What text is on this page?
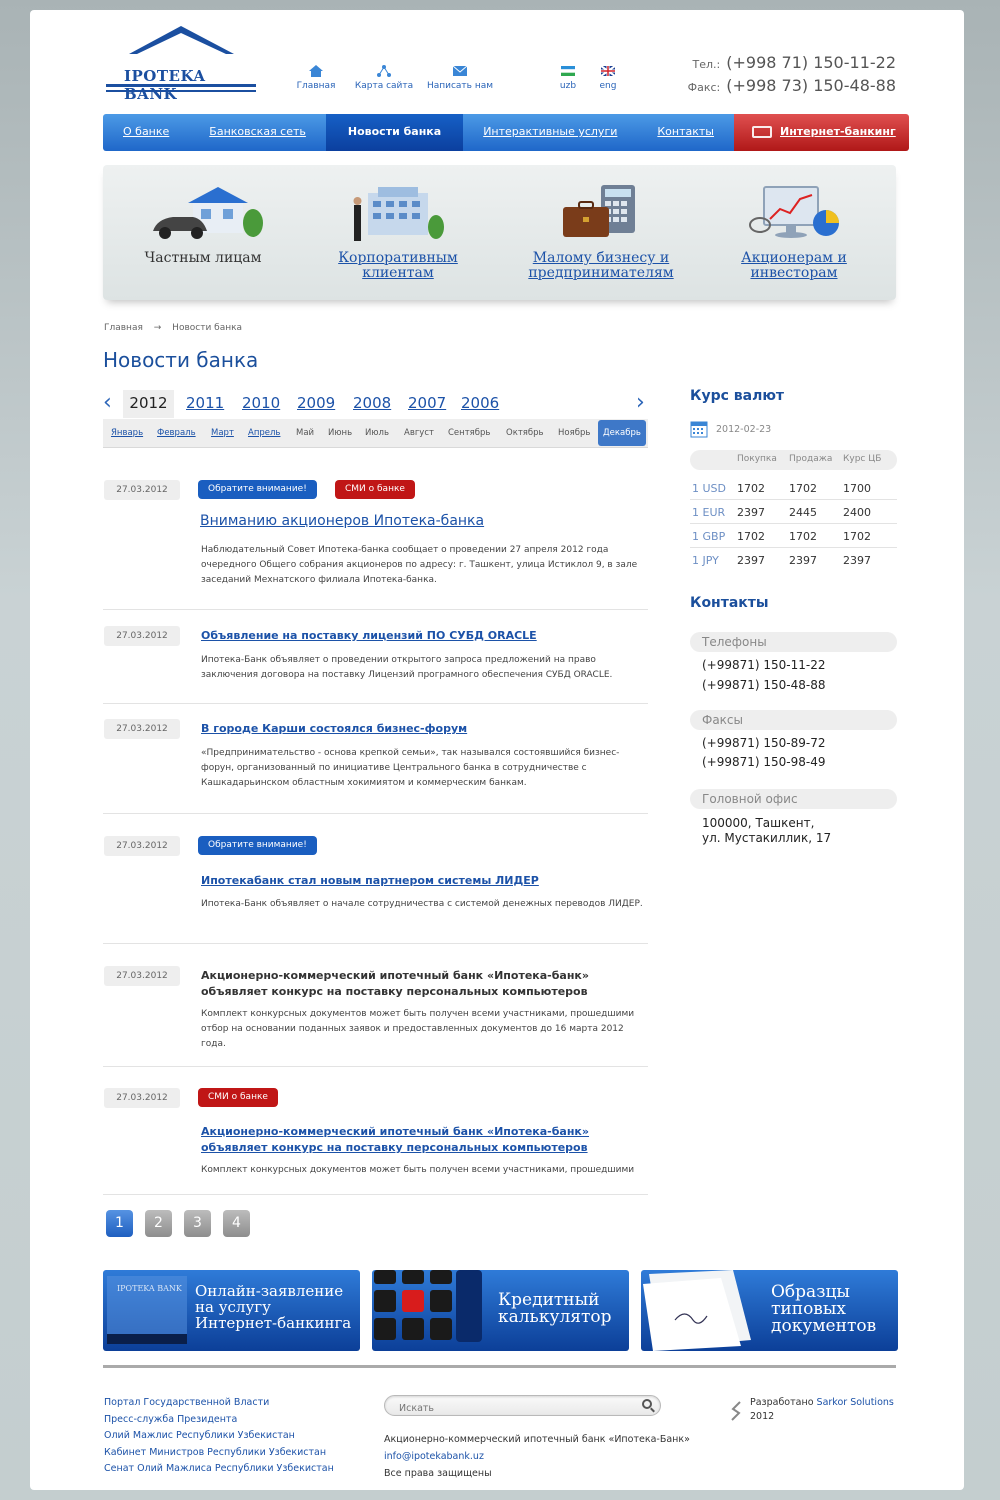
IPOTEKA BANK	Главная	Карта сайта	Написать нам	uzb	eng
Тел.: (+998 71) 150-11-22
Факс: (+998 73) 150-48-88
О банке	Банковская сеть	Новости банка	Интерактивные услуги	Контакты	Интернет-банкинг
Частным лицам	Корпоративным клиентам
Малому бизнесу и предпринимателям
Акционерам и инвесторам
Главная → Новости банка
Новости банка
‹	2012	2011 2010 2009 2008 2007 2006	›
Январь Февраль Март Апрель Май Июнь Июль Август Сентябрь Октябрь Ноябрь	Декабрь
27.03.2012	Обратите внимание!	СМИ о банке
Вниманию акционеров Ипотека-банка
Наблюдательный Совет Ипотека-банка сообщает о проведении 27 апреля 2012 года очередного Общего собрания акционеров по адресу: г. Ташкент, улица Истиклол 9, в зале заседаний Мехнатского филиала Ипотека-банка.
27.03.2012	Объявление на поставку лицензий ПО СУБД ORACLE
Ипотека-Банк объявляет о проведении открытого запроса предложений на право заключения договора на поставку Лицензий програмного обеспечения СУБД ORACLE.
27.03.2012	В городе Карши состоялся бизнес-форум
«Предпринимательство - основа крепкой семьи», так назывался состоявшийся бизнес-форун, организованный по инициативе Центрального банка в сотрудничестве с Кашкадарьинском областным хокимиятом и коммерческим банкам.
27.03.2012	Обратите внимание!
Ипотекабанк стал новым партнером системы ЛИДЕР
Ипотека-Банк объявляет о начале сотрудничества с системой денежных переводов ЛИДЕР.
27.03.2012	Акционерно-коммерческий ипотечный банк «Ипотека-банк» объявляет конкурс на поставку персональных компьютеров
Комплект конкурсных документов может быть получен всеми участниками, прошедшими отбор на основании поданных заявок и предоставленных документов до 16 марта 2012 года.
27.03.2012	СМИ о банке
Акционерно-коммерческий ипотечный банк «Ипотека-банк» объявляет конкурс на поставку персональных компьютеров
Комплект конкурсных документов может быть получен всеми участниками, прошедшими
1	2	3	4
IPOTEKA BANK Онлайн-заявление на услугу Интернет-банкинга
Кредитный калькулятор
Образцы типовых документов
Курс валют
2012-02-23
Покупка Продажа Курс ЦБ
1 USD 1702 1702 1700
1 EUR 2397 2445 2400
1 GBP 1702 1702 1702
1 JPY 2397 2397 2397
Контакты
Телефоны
(+99871) 150-11-22
(+99871) 150-48-88
Факсы
(+99871) 150-89-72
(+99871) 150-98-49
Головной офис
100000, Ташкент,
ул. Мустакиллик, 17
Портал Государственной Власти
Пресс-служба Президента
Олий Мажлис Республики Узбекистан
Кабинет Министров Республики Узбекистан
Сенат Олий Мажлиса Республики Узбекистан
Искать
Акционерно-коммерческий ипотечный банк «Ипотека-Банк»
info@ipotekabank.uz
Все права защищены
Разработано Sarkor Solutions
2012
